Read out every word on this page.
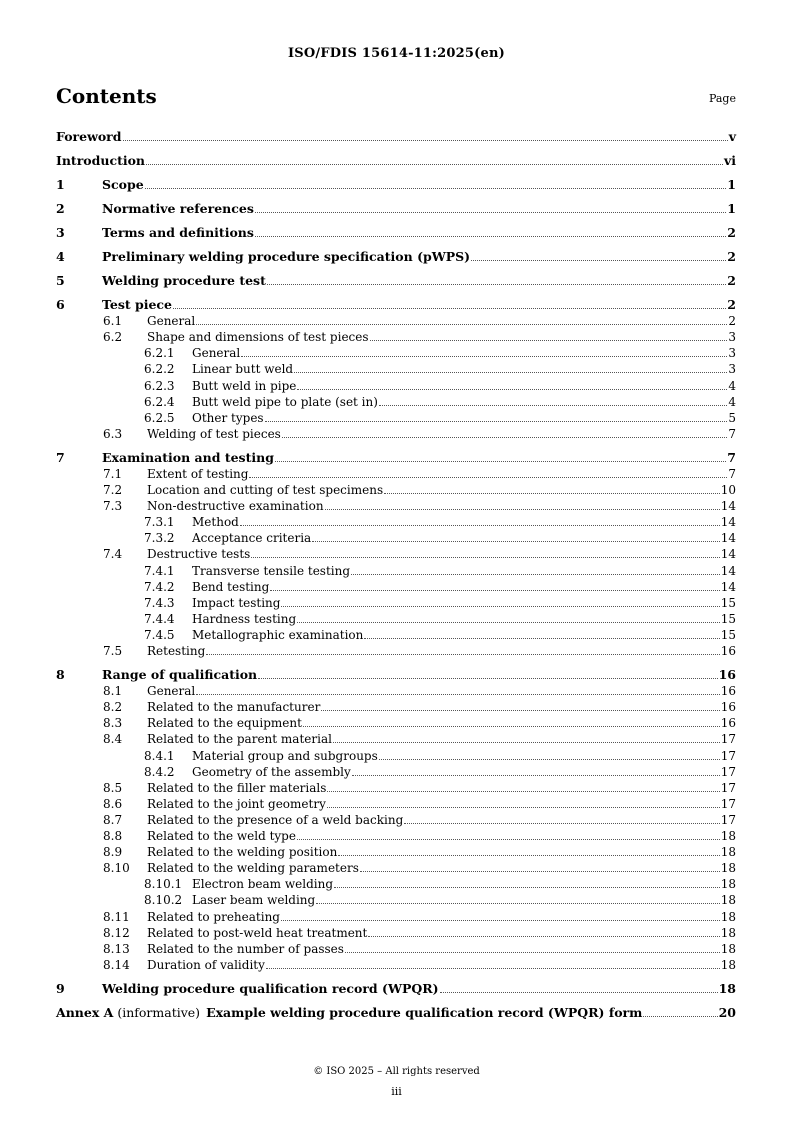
ISO/FDIS 15614-11:2025(en)
Contents	Page
Foreword	v
Introduction	vi
1	Scope	1
2	Normative references	1
3	Terms and definitions	2
4	Preliminary welding procedure specification (pWPS)	2
5	Welding procedure test	2
6	Test piece	2
6.1	General	2
6.2	Shape and dimensions of test pieces	3
6.2.1	General	3
6.2.2	Linear butt weld	3
6.2.3	Butt weld in pipe	4
6.2.4	Butt weld pipe to plate (set in)	4
6.2.5	Other types	5
6.3	Welding of test pieces	7
7	Examination and testing	7
7.1	Extent of testing	7
7.2	Location and cutting of test specimens	10
7.3	Non-destructive examination	14
7.3.1	Method	14
7.3.2	Acceptance criteria	14
7.4	Destructive tests	14
7.4.1	Transverse tensile testing	14
7.4.2	Bend testing	14
7.4.3	Impact testing	15
7.4.4	Hardness testing	15
7.4.5	Metallographic examination	15
7.5	Retesting	16
8	Range of qualification	16
8.1	General	16
8.2	Related to the manufacturer	16
8.3	Related to the equipment	16
8.4	Related to the parent material	17
8.4.1	Material group and subgroups	17
8.4.2	Geometry of the assembly	17
8.5	Related to the filler materials	17
8.6	Related to the joint geometry	17
8.7	Related to the presence of a weld backing	17
8.8	Related to the weld type	18
8.9	Related to the welding position	18
8.10	Related to the welding parameters	18
8.10.1 Electron beam welding	18
8.10.2 Laser beam welding	18
8.11	Related to preheating	18
8.12	Related to post-weld heat treatment	18
8.13	Related to the number of passes	18
8.14	Duration of validity	18
9	Welding procedure qualification record (WPQR)	18
Annex A (informative) Example welding procedure qualification record (WPQR) form	20
© ISO 2025 – All rights reserved
iii
